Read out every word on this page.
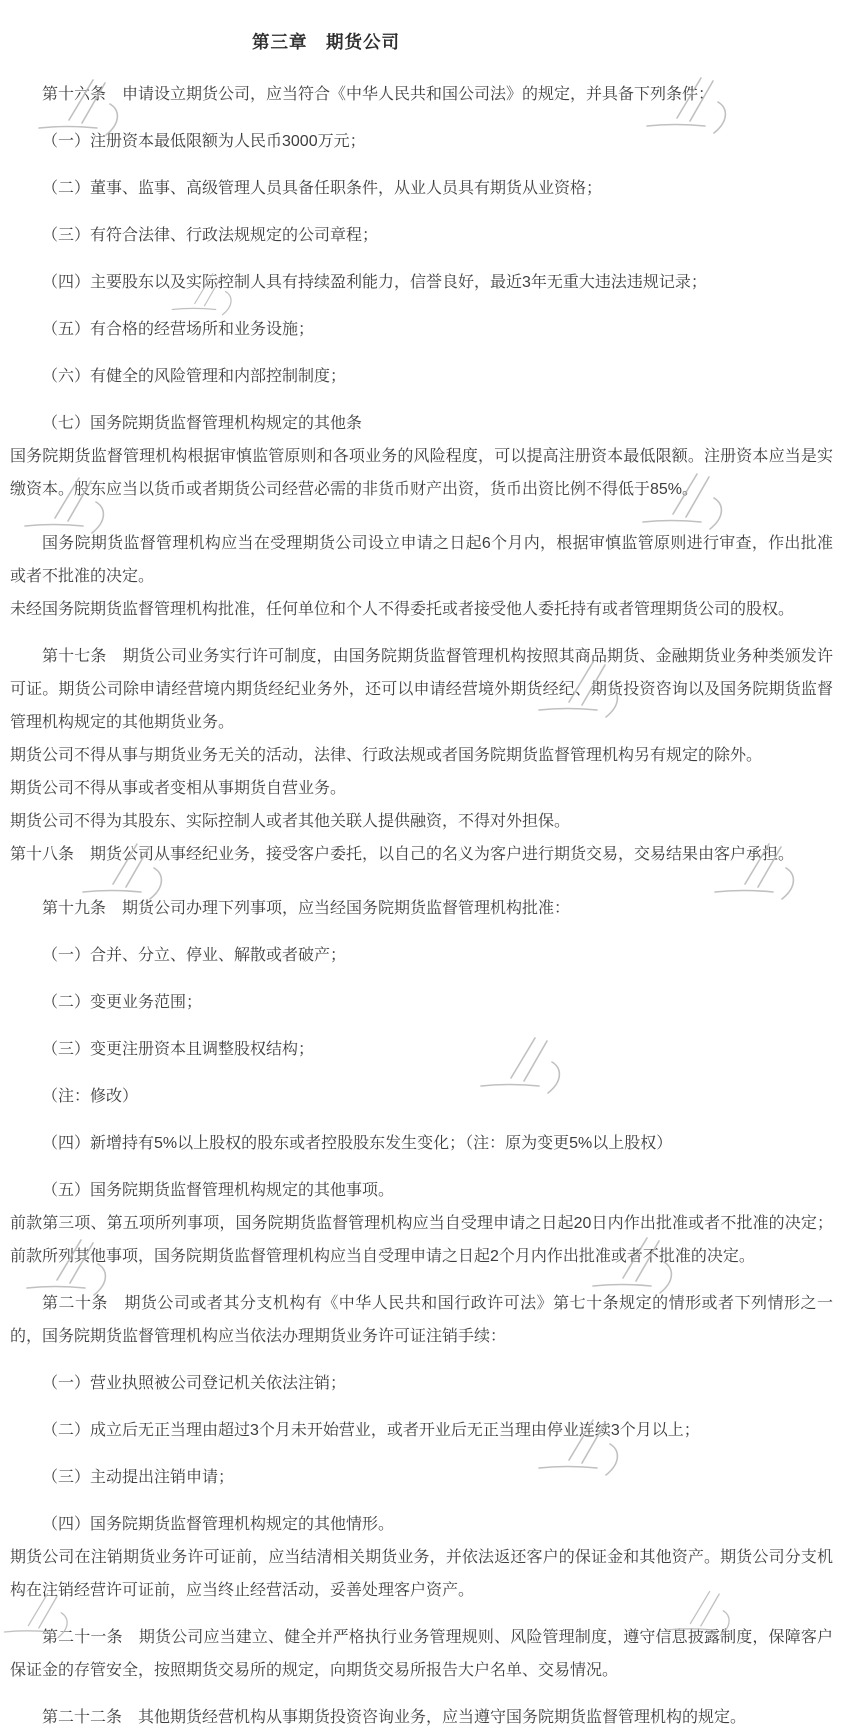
第三章　期货公司

第十六条　申请设立期货公司，应当符合《中华人民共和国公司法》的规定，并具备下列条件：

（一）注册资本最低限额为人民币3000万元；

（二）董事、监事、高级管理人员具备任职条件，从业人员具有期货从业资格；

（三）有符合法律、行政法规规定的公司章程；

（四）主要股东以及实际控制人具有持续盈利能力，信誉良好，最近3年无重大违法违规记录；

（五）有合格的经营场所和业务设施；

（六）有健全的风险管理和内部控制制度；

（七）国务院期货监督管理机构规定的其他条

国务院期货监督管理机构根据审慎监管原则和各项业务的风险程度，可以提高注册资本最低限额。注册资本应当是实缴资本。股东应当以货币或者期货公司经营必需的非货币财产出资，货币出资比例不得低于85%。

国务院期货监督管理机构应当在受理期货公司设立申请之日起6个月内，根据审慎监管原则进行审查，作出批准或者不批准的决定。

未经国务院期货监督管理机构批准，任何单位和个人不得委托或者接受他人委托持有或者管理期货公司的股权。

第十七条　期货公司业务实行许可制度，由国务院期货监督管理机构按照其商品期货、金融期货业务种类颁发许可证。期货公司除申请经营境内期货经纪业务外，还可以申请经营境外期货经纪、期货投资咨询以及国务院期货监督管理机构规定的其他期货业务。

期货公司不得从事与期货业务无关的活动，法律、行政法规或者国务院期货监督管理机构另有规定的除外。

期货公司不得从事或者变相从事期货自营业务。

期货公司不得为其股东、实际控制人或者其他关联人提供融资，不得对外担保。

第十八条　期货公司从事经纪业务，接受客户委托，以自己的名义为客户进行期货交易，交易结果由客户承担。

第十九条　期货公司办理下列事项，应当经国务院期货监督管理机构批准：

（一）合并、分立、停业、解散或者破产；

（二）变更业务范围；

（三）变更注册资本且调整股权结构；

（注：修改）

（四）新增持有5%以上股权的股东或者控股股东发生变化；（注：原为变更5%以上股权）

（五）国务院期货监督管理机构规定的其他事项。

前款第三项、第五项所列事项，国务院期货监督管理机构应当自受理申请之日起20日内作出批准或者不批准的决定；前款所列其他事项，国务院期货监督管理机构应当自受理申请之日起2个月内作出批准或者不批准的决定。

第二十条　期货公司或者其分支机构有《中华人民共和国行政许可法》第七十条规定的情形或者下列情形之一的，国务院期货监督管理机构应当依法办理期货业务许可证注销手续：

（一）营业执照被公司登记机关依法注销；

（二）成立后无正当理由超过3个月未开始营业，或者开业后无正当理由停业连续3个月以上；

（三）主动提出注销申请；

（四）国务院期货监督管理机构规定的其他情形。

期货公司在注销期货业务许可证前，应当结清相关期货业务，并依法返还客户的保证金和其他资产。期货公司分支机构在注销经营许可证前，应当终止经营活动，妥善处理客户资产。

第二十一条　期货公司应当建立、健全并严格执行业务管理规则、风险管理制度，遵守信息披露制度，保障客户保证金的存管安全，按照期货交易所的规定，向期货交易所报告大户名单、交易情况。

第二十二条　其他期货经营机构从事期货投资咨询业务，应当遵守国务院期货监督管理机构的规定。
